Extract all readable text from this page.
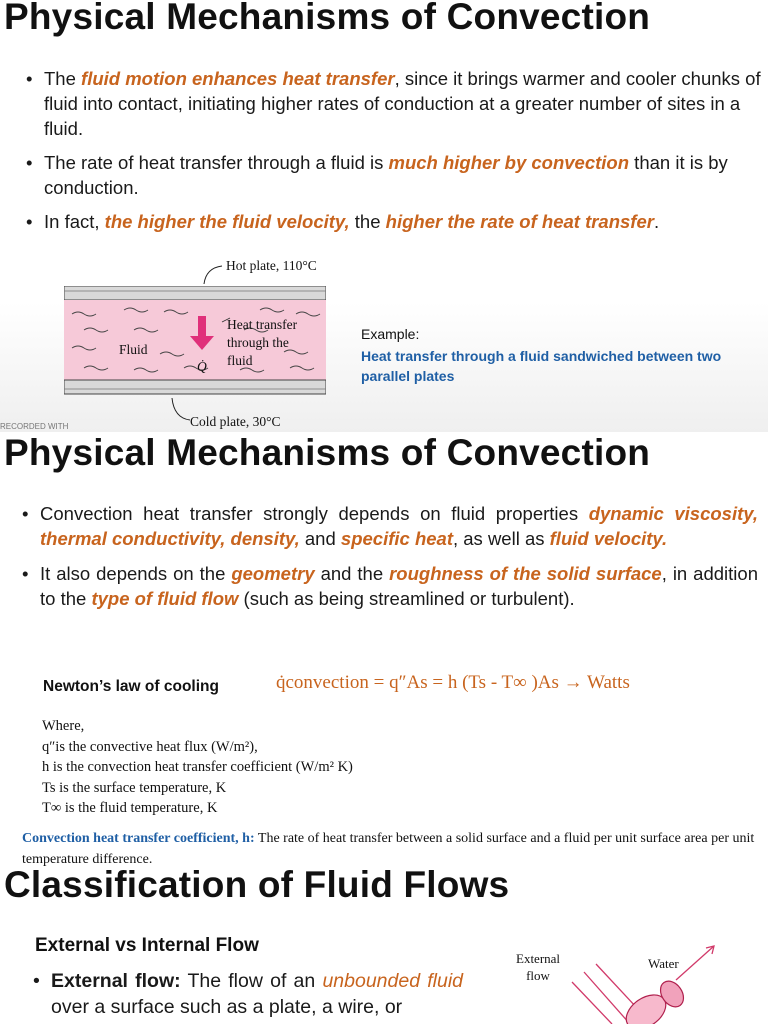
Physical Mechanisms of Convection
• The fluid motion enhances heat transfer, since it brings warmer and cooler chunks of fluid into contact, initiating higher rates of conduction at a greater number of sites in a fluid.
• The rate of heat transfer through a fluid is much higher by convection than it is by conduction.
• In fact, the higher the fluid velocity, the higher the rate of heat transfer.
Hot plate, 110°C
Cold plate, 30°C
Fluid
Heat transfer
through the
fluid
Q̇
Example:
Heat transfer through a fluid sandwiched between two parallel plates
RECORDED WITH
Physical Mechanisms of Convection
• Convection heat transfer strongly depends on fluid properties dynamic viscosity, thermal conductivity, density, and specific heat, as well as fluid velocity.
• It also depends on the geometry and the roughness of the solid surface, in addition to the type of fluid flow (such as being streamlined or turbulent).
Newton’s law of cooling	q̇convection = q″As = h (Ts - T∞ )As → Watts
Where,
q″is the convective heat flux (W/m²),
h is the convection heat transfer coefficient (W/m² K)
Ts is the surface temperature, K
T∞ is the fluid temperature, K
Convection heat transfer coefficient, h: The rate of heat transfer between a solid surface and a fluid per unit surface area per unit temperature difference.
Classification of Fluid Flows
External vs Internal Flow
• External flow: The flow of an unbounded fluid over a surface such as a plate, a wire, or
External
flow
Water
